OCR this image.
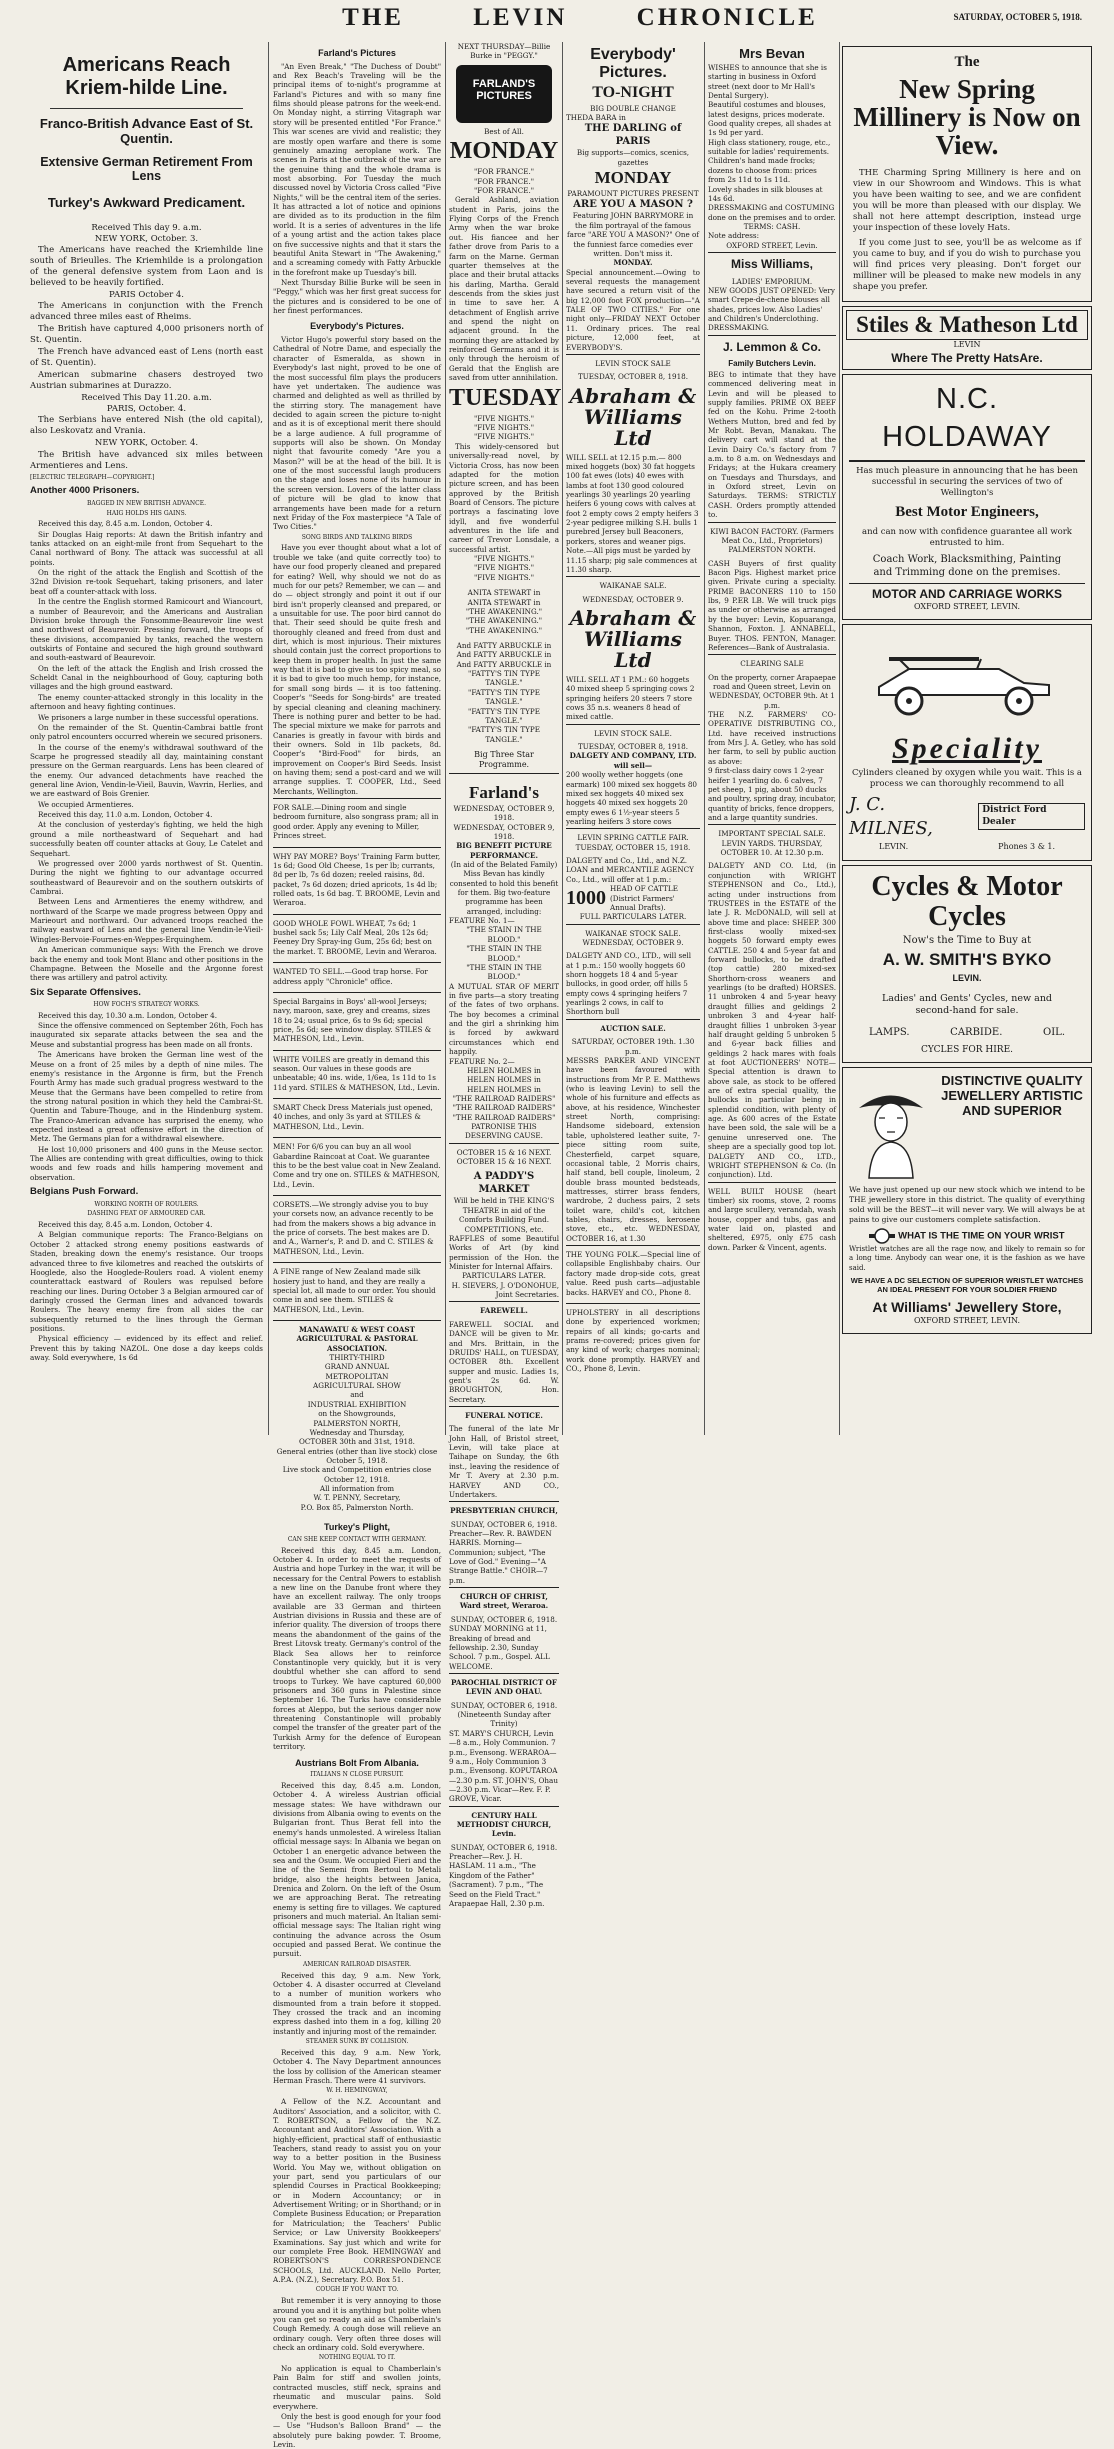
THE LEVIN CHRONICLE	SATURDAY, OCTOBER 5, 1918.
Americans Reach Kriem-hilde Line.
Franco-British Advance East of St. Quentin.
Extensive German Retirement From Lens
Turkey's Awkward Predicament.
Received This day 9. a.m.
NEW YORK, October. 3.

The Americans have reached the Kriemhilde line south of Brieulles. The Kriemhilde is a prolongation of the general defensive system from Laon and is believed to be heavily fortified.

PARIS October 4.

The Americans in conjunction with the French advanced three miles east of Rheims.

The British have captured 4,000 prisoners north of St. Quentin.

The French have advanced east of Lens (north east of St. Quentin).

American submarine chasers destroyed two Austrian submarines at Durazzo.

Received This Day 11.20. a.m.
PARIS, October. 4.

The Serbians have entered Nish (the old capital), also Leskovatz and Vrania.

NEW YORK, October. 4.

The British have advanced six miles between Armentieres and Lens.

[ELECTRIC TELEGRAPH—COPYRIGHT.]
Another 4000 Prisoners.
BAGGED IN NEW BRITISH ADVANCE.
HAIG HOLDS HIS GAINS.

Received this day, 8.45 a.m. London, October 4.

Sir Douglas Haig reports: At dawn the British infantry and tanks attacked on an eight-mile front from Sequehart to the Canal northward of Bony. The attack was successful at all points.

On the right of the attack the English and Scottish of the 32nd Division re-took Sequehart, taking prisoners, and later beat off a counter-attack with loss.

In the centre the English stormed Ramicourt and Wiancourt, a number of Beaurevoir, and the Americans and Australian Division broke through the Fonsomme-Beaurevoir line west and northwest of Beaurevoir. Pressing forward, the troops of these divisions, accompanied by tanks, reached the western outskirts of Fontaine and secured the high ground southward and south-eastward of Beaurevoir.

On the left of the attack the English and Irish crossed the Scheldt Canal in the neighbourhood of Gouy, capturing both villages and the high ground eastward.

The enemy counter-attacked strongly in this locality in the afternoon and heavy fighting continues.

We prisoners a large number in these successful operations.

On the remainder of the St. Quentin-Cambrai battle front only patrol encounters occurred wherein we secured prisoners.

In the course of the enemy's withdrawal southward of the Scarpe he progressed steadily all day, maintaining constant pressure on the German rearguards. Lens has been cleared of the enemy. Our advanced detachments have reached the general line Avion, Vendin-le-Vieil, Bauvin, Wavrin, Herlies, and we are eastward of Bois Grenier.

We occupied Armentieres.

Received this day, 11.0 a.m. London, October 4.

At the conclusion of yesterday's fighting, we held the high ground a mile northeastward of Sequehart and had successfully beaten off counter attacks at Gouy, Le Catelet and Sequehart.

We progressed over 2000 yards northwest of St. Quentin. During the night we fighting to our advantage occurred southeastward of Beaurevoir and on the southern outskirts of Cambrai.

Between Lens and Armentieres the enemy withdrew, and northward of the Scarpe we made progress between Oppy and Marieourt and northward. Our advanced troops reached the railway eastward of Lens and the general line Vendin-le-Vieil-Wingles-Bervoie-Fournes-en-Weppes-Erquinghem.

An American communique says: With the French we drove back the enemy and took Mont Blanc and other positions in the Champagne. Between the Moselle and the Argonne forest there was artillery and patrol activity.

Six Separate Offensives.
HOW FOCH'S STRATEGY WORKS.

Received this day, 10.30 a.m. London, October 4.

Since the offensive commenced on September 26th, Foch has inaugurated six separate attacks between the sea and the Meuse and substantial progress has been made on all fronts.

The Americans have broken the German line west of the Meuse on a front of 25 miles by a depth of nine miles. The enemy's resistance in the Argonne is firm, but the French Fourth Army has made such gradual progress westward to the Meuse that the Germans have been compelled to retire from the strong natural position in which they held the Cambrai-St. Quentin and Tabure-Thouge, and in the Hindenburg system. The Franco-American advance has surprised the enemy, who expected instead a great offensive effort in the direction of Metz. The Germans plan for a withdrawal elsewhere.

He lost 10,000 prisoners and 400 guns in the Meuse sector. The Allies are contending with great difficulties, owing to thick woods and few roads and hills hampering movement and observation.

Belgians Push Forward.
WORKING NORTH OF ROULERS.
DASHING FEAT OF ARMOURED CAR.

Received this day, 8.45 a.m. London, October 4.

A Belgian communique reports: The Franco-Belgians on October 2 attacked strong enemy positions eastwards of Staden, breaking down the enemy's resistance. Our troops advanced three to five kilometres and reached the outskirts of Hooglede, also the Hooglede-Roulers road. A violent enemy counterattack eastward of Roulers was repulsed before reaching our lines. During October 3 a Belgian armoured car of daringly crossed the German lines and advanced towards Roulers. The heavy enemy fire from all sides the car subsequently returned to the lines through the German positions.

Physical efficiency — evidenced by its effect and relief. Prevent this by taking NAZOL. One dose a day keeps colds away. Sold everywhere, 1s 6d

Farland's Pictures

"An Even Break," "The Duchess of Doubt" and Rex Beach's Traveling will be the principal items of to-night's programme at Farland's Pictures and with so many fine films should please patrons for the week-end. On Monday night, a stirring Vitagraph war story will be presented entitled "For France." This war scenes are vivid and realistic; they are mostly open warfare and there is some genuinely amazing aeroplane work. The scenes in Paris at the outbreak of the war are the genuine thing and the whole drama is most absorbing. For Tuesday the much discussed novel by Victoria Cross called "Five Nights," will be the central item of the series. It has attracted a lot of notice and opinions are divided as to its production in the film world. It is a series of adventures in the life of a young artist and the action takes place on five successive nights and that it stars the beautiful Anita Stewart in "The Awakening," and a screaming comedy with Fatty Arbuckle in the forefront make up Tuesday's bill.

Next Thursday Billie Burke will be seen in "Peggy," which was her first great success for the pictures and is considered to be one of her finest performances.

Everybody's Pictures.

Victor Hugo's powerful story based on the Cathedral of Notre Dame, and especially the character of Esmeralda, as shown in Everybody's last night, proved to be one of the most successful film plays the producers have yet undertaken. The audience was charmed and delighted as well as thrilled by the stirring story. The management have decided to again screen the picture to-night and as it is of exceptional merit there should be a large audience. A full programme of supports will also be shown. On Monday night that favourite comedy "Are you a Mason?" will be at the head of the bill. It is one of the most successful laugh producers on the stage and loses none of its humour in the screen version. Lovers of the latter class of picture will be glad to know that arrangements have been made for a return next Friday of the Fox masterpiece "A Tale of Two Cities."

SONG BIRDS AND TALKING BIRDS

Have you ever thought about what a lot of trouble we take (and quite correctly too) to have our food properly cleaned and prepared for eating? Well, why should we not do as much for our pets? Remember, we can — and do — object strongly and point it out if our bird isn't properly cleansed and prepared, or a unsuitable for use. The poor bird cannot do that. Their seed should be quite fresh and thoroughly cleaned and freed from dust and dirt, which is most injurious. Their mixtures should contain just the correct proportions to keep them in proper health. In just the same way that it is bad to give us too spicy meal, so it is bad to give too much hemp, for instance, for small song birds — it is too fattening. Cooper's "Seeds for Song-birds" are treated by special cleaning and cleaning machinery. There is nothing purer and better to be had. The special mixture we make for parrots and Canaries is greatly in favour with birds and their owners. Sold in 1lb packets, 8d. Cooper's "Bird-Food" for birds, an improvement on Cooper's Bird Seeds. Insist on having them; send a post-card and we will arrange supplies. T. COOPER, Ltd., Seed Merchants, Wellington.

FOR SALE.—Dining room and single bedroom furniture, also songrass pram; all in good order. Apply any evening to Miller, Princes street.
WHY PAY MORE? Boys' Training Farm butter, 1s 6d; Good Old Cheese, 1s per lb; currants, 8d per lb, 7s 6d dozen; reeled raisins, 8d. packet, 7s 6d dozen; dried apricots, 1s 4d lb; rolled oats, 1s 6d bag. T. BROOME, Levin and Weraroa.
GOOD WHOLE FOWL WHEAT, 7s 6d; 1 bushel sack 5s; Lily Calf Meal, 20s 12s 6d; Feeney Dry Spray-ing Gum, 25s 6d; best on the market. T. BROOME, Levin and Weraroa.
WANTED TO SELL.—Good trap horse. For address apply "Chronicle" office.
Special Bargains in Boys' all-wool Jerseys; navy, maroon, saxe, grey and creams, sizes 18 to 24; usual price, 6s to 9s 6d; special price, 5s 6d; see window display. STILES & MATHESON, Ltd., Levin.
WHITE VOILES are greatly in demand this season. Our values in these goods are unbeatable; 40 ins. wide, 1/6ea, 1s 11d to 1s 11d yard. STILES & MATHESON, Ltd., Levin.
SMART Check Dress Materials just opened, 40 inches, and only 3s yard at STILES & MATHESON, Ltd., Levin.
MEN! For 6/6 you can buy an all wool Gabardine Raincoat at Coat. We guarantee this to be the best value coat in New Zealand. Come and try one on. STILES & MATHESON, Ltd., Levin.
CORSETS.—We strongly advise you to buy your corsets now, an advance recently to be had from the makers shows a big advance in the price of corsets. The best makes are D. and A., Warner's, P. and D. and C. STILES & MATHESON, Ltd., Levin.
A FINE range of New Zealand made silk hosiery just to hand, and they are really a special lot, all made to our order. You should come in and see them. STILES & MATHESON, Ltd., Levin.
MANAWATU & WEST COAST AGRICULTURAL & PASTORAL ASSOCIATION.
THIRTY-THIRD
GRAND ANNUAL
METROPOLITAN
AGRICULTURAL SHOW
and
INDUSTRIAL EXHIBITION
on the Showgrounds,
PALMERSTON NORTH,
Wednesday and Thursday,
OCTOBER 30th and 31st, 1918.
General entries (other than live stock) close October 5, 1918.
Live stock and Competition entries close October 12, 1918.
All information from
W. T. PENNY, Secretary,
P.O. Box 85, Palmerston North.
Turkey's Plight,
CAN SHE KEEP CONTACT WITH GERMANY.

Received this day, 8.45 a.m. London, October 4. In order to meet the requests of Austria and hope Turkey in the war, it will be necessary for the Central Powers to establish a new line on the Danube front where they have an excellent railway. The only troops available are 33 German and thirteen Austrian divisions in Russia and these are of inferior quality. The diversion of troops there means the abandonment of the gains of the Brest Litovsk treaty. Germany's control of the Black Sea allows her to reinforce Constantinople very quickly, but it is very doubtful whether she can afford to send troops to Turkey. We have captured 60,000 prisoners and 360 guns in Palestine since September 16. The Turks have considerable forces at Aleppo, but the serious danger now threatening Constantinople will probably compel the transfer of the greater part of the Turkish Army for the defence of European territory.

Austrians Bolt From Albania.
ITALIANS N CLOSE PURSUIT.

Received this day, 8.45 a.m. London, October 4. A wireless Austrian official message states: We have withdrawn our divisions from Albania owing to events on the Bulgarian front. Thus Berat fell into the enemy's hands unmolested. A wireless Italian official message says: In Albania we began on October 1 an energetic advance between the sea and the Osum. We occupied Fieri and the line of the Semeni from Bertoul to Metali bridge, also the heights between Janica, Drenica and Zolorn. On the left of the Osum we are approaching Berat. The retreating enemy is setting fire to villages. We captured prisoners and much material. An Italian semi-official message says: The Italian right wing continuing the advance across the Osum occupied and passed Berat. We continue the pursuit.

AMERICAN RAILROAD DISASTER.

Received this day, 9 a.m. New York, October 4. A disaster occurred at Cleveland to a number of munition workers who dismounted from a train before it stopped. They crossed the track and an incoming express dashed into them in a fog, killing 20 instantly and injuring most of the remainder.

STEAMER SUNK BY COLLISION.

Received this day, 9 a.m. New York, October 4. The Navy Department announces the loss by collision of the American steamer Herman Frasch. There were 41 survivors.

W. H. HEMINGWAY,

A Fellow of the N.Z. Accountant and Auditors' Association, and a solicitor, with C. T. ROBERTSON, a Fellow of the N.Z. Accountant and Auditors' Association. With a highly-efficient, practical staff of enthusiastic Teachers, stand ready to assist you on your way to a better position in the Business World. You May we, without obligation on your part, send you particulars of our splendid Courses in Practical Bookkeeping; or in Modern Accountancy; or in Advertisement Writing; or in Shorthand; or in Complete Business Education; or Preparation for Matriculation; the Teachers' Public Service; or Law University Bookkeepers' Examinations. Say just which and write for our complete Free Book. HEMINGWAY and ROBERTSON'S CORRESPONDENCE SCHOOLS, Ltd. AUCKLAND. Nello Porter, A.P.A. (N.Z.), Secretary. P.O. Box 51.

COUGH IF YOU WANT TO.

But remember it is very annoying to those around you and it is anything but polite when you can get so ready an aid as Chamberlain's Cough Remedy. A cough dose will relieve an ordinary cough. Very often three doses will check an ordinary cold. Sold everywhere.

NOTHING EQUAL TO IT.

No application is equal to Chamberlain's Pain Balm for stiff and swollen joints, contracted muscles, stiff neck, sprains and rheumatic and muscular pains. Sold everywhere.

Only the best is good enough for your food — Use "Hudson's Balloon Brand" — the absolutely pure baking powder. T. Broome, Levin.

NEXT THURSDAY—Billie Burke in "PEGGY."
FARLAND'S PICTURES
Best of All.
MONDAY
"FOR FRANCE."
"FOR FRANCE."
"FOR FRANCE."

Gerald Ashland, aviation student in Paris, joins the Flying Corps of the French Army when the war broke out. His fiancee and her father drove from Paris to a farm on the Marne. German quarter themselves at the place and their brutal attacks his darling, Martha. Gerald descends from the skies just in time to save her. A detachment of English arrive and spend the night on adjacent ground. In the morning they are attacked by reinforced Germans and it is only through the heroism of Gerald that the English are saved from utter annihilation.

TUESDAY
"FIVE NIGHTS."
"FIVE NIGHTS."
"FIVE NIGHTS."

This widely-censored but universally-read novel, by Victoria Cross, has now been adapted for the motion picture screen, and has been approved by the British Board of Censors. The picture portrays a fascinating love idyll, and five wonderful adventures in the life and career of Trevor Lonsdale, a successful artist.

"FIVE NIGHTS."
"FIVE NIGHTS."
"FIVE NIGHTS."
ANITA STEWART in
ANITA STEWART in
"THE AWAKENING."
"THE AWAKENING."
"THE AWAKENING."
And FATTY ARBUCKLE in
And FATTY ARBUCKLE in
And FATTY ARBUCKLE in
"FATTY'S TIN TYPE TANGLE."
"FATTY'S TIN TYPE TANGLE."
"FATTY'S TIN TYPE TANGLE."
"FATTY'S TIN TYPE TANGLE."
Big Three Star Programme.
Farland's
WEDNESDAY, OCTOBER 9, 1918.
WEDNESDAY, OCTOBER 9, 1918.
BIG BENEFIT PICTURE PERFORMANCE.

(In aid of the Belated Family) Miss Bevan has kindly consented to hold this benefit for them. Big two-feature programme has been arranged, including:

FEATURE No. 1—
"THE STAIN IN THE BLOOD."
"THE STAIN IN THE BLOOD."
"THE STAIN IN THE BLOOD."

A MUTUAL STAR OF MERIT in five parts—a story treating of the fates of two orphans. The boy becomes a criminal and the girl a shrinking him is forced by awkward circumstances which end happily.

FEATURE No. 2—
HELEN HOLMES in
HELEN HOLMES in
HELEN HOLMES in
"THE RAILROAD RAIDERS"
"THE RAILROAD RAIDERS"
"THE RAILROAD RAIDERS"
PATRONISE THIS DESERVING CAUSE.
OCTOBER 15 & 16 NEXT. OCTOBER 15 & 16 NEXT.
A PADDY'S MARKET
Will be held in THE KING'S THEATRE in aid of the Comforts Building Fund.
COMPETITIONS, etc.

RAFFLES of some Beautiful Works of Art (by kind permission of the Hon. the Minister for Internal Affairs.

PARTICULARS LATER.
H. SIEVERS, J. O'DONOHUE, Joint Secretaries.
FAREWELL.

FAREWELL SOCIAL and DANCE will be given to Mr. and Mrs. Brittain, in the DRUIDS' HALL, on TUESDAY, OCTOBER 8th. Excellent supper and music. Ladies 1s, gent's 2s 6d. W. BROUGHTON, Hon. Secretary.

FUNERAL NOTICE.

The funeral of the late Mr John Hall, of Bristol street, Levin, will take place at Taihape on Sunday, the 6th inst., leaving the residence of Mr T. Avery at 2.30 p.m. HARVEY AND CO., Undertakers.

PRESBYTERIAN CHURCH,
SUNDAY, OCTOBER 6, 1918.

Preacher—Rev. R. BAWDEN HARRIS. Morning—Communion; subject, "The Love of God." Evening—"A Strange Battle." CHOIR—7 p.m.

CHURCH OF CHRIST, Ward street, Weraroa.
SUNDAY, OCTOBER 6, 1918.

SUNDAY MORNING at 11, Breaking of bread and fellowship. 2.30, Sunday School. 7 p.m., Gospel. ALL WELCOME.

PAROCHIAL DISTRICT OF LEVIN AND OHAU.
SUNDAY, OCTOBER 6, 1918. (Nineteenth Sunday after Trinity)

ST. MARY'S CHURCH, Levin—8 a.m., Holy Communion. 7 p.m., Evensong. WERAROA—9 a.m., Holy Communion 3 p.m., Evensong. KOPUTAROA—2.30 p.m. ST. JOHN'S, Ohau—2.30 p.m. Vicar—Rev. F. P. GROVE, Vicar.

CENTURY HALL METHODIST CHURCH, Levin.
SUNDAY, OCTOBER 6, 1918.

Preacher—Rev. J. H. HASLAM. 11 a.m., "The Kingdom of the Father" (Sacrament). 7 p.m., "The Seed on the Field Tract." Arapaepae Hall, 2.30 p.m.

Everybody' Pictures.
TO-NIGHT
BIG DOUBLE CHANGE
THEDA BARA in
THE DARLING of PARIS
Big supports—comics, scenics, gazettes
MONDAY
PARAMOUNT PICTURES PRESENT
ARE YOU A MASON ?

Featuring JOHN BARRYMORE in the film portrayal of the famous farce "ARE YOU A MASON?" One of the funniest farce comedies ever written. Don't miss it.

MONDAY.

Special announcement.—Owing to several requests the management have secured a return visit of the big 12,000 foot FOX production—"A TALE OF TWO CITIES." For one night only—FRIDAY NEXT October 11. Ordinary prices. The real picture, 12,000 feet, at EVERYBODY'S.

LEVIN STOCK SALE
TUESDAY, OCTOBER 8, 1918.
Abraham & Williams Ltd

WILL SELL at 12.15 p.m.— 800 mixed hoggets (box) 30 fat hoggets 100 fat ewes (lots) 40 ewes with lambs at foot 130 good coloured yearlings 30 yearlings 20 yearling heifers 6 young cows with calves at foot 2 empty cows 2 empty heifers 3 2-year pedigree milking S.H. bulls 1 purebred Jersey bull Beaconers, porkers, stores and weaner pigs. Note.—All pigs must be yarded by 11.15 sharp; pig sale commences at 11.30 sharp.

WAIKANAE SALE.
WEDNESDAY, OCTOBER 9.
Abraham & Williams Ltd

WILL SELL AT 1 P.M.: 60 hoggets 40 mixed sheep 5 springing cows 2 springing heifers 20 steers 7 store cows 35 n.s. weaners 8 head of mixed cattle.

LEVIN STOCK SALE.
TUESDAY, OCTOBER 8, 1918.
DALGETY AND COMPANY, LTD. will sell—

200 woolly wether hoggets (one earmark) 100 mixed sex hoggets 80 mixed sex hoggets 40 mixed sex hoggets 40 mixed sex hoggets 20 empty ewes 6 1½-year steers 5 yearling heifers 3 store cows

LEVIN SPRING CATTLE FAIR. TUESDAY, OCTOBER 15, 1918.

DALGETY and Co., Ltd., and N.Z. LOAN and MERCANTILE AGENCY Co., Ltd., will offer at 1 p.m.:

1000 HEAD OF CATTLE (District Farmers' Annual Drafts).
FULL PARTICULARS LATER.
WAIKANAE STOCK SALE. WEDNESDAY, OCTOBER 9.

DALGETY AND CO., LTD., will sell at 1 p.m.: 150 woolly hoggets 60 shorn hoggets 18 4 and 5-year bullocks, in good order, off hills 5 empty cows 4 springing heifers 7 yearlings 2 cows, in calf to Shorthorn bull

AUCTION SALE.
SATURDAY, OCTOBER 19th. 1.30 p.m.

MESSRS PARKER AND VINCENT have been favoured with instructions from Mr P. E. Matthews (who is leaving Levin) to sell the whole of his furniture and effects as above, at his residence, Winchester street North, comprising: Handsome sideboard, extension table, upholstered leather suite, 7-piece sitting room suite, Chesterfield, carpet square, occasional table, 2 Morris chairs, half stand, bell couple, linoleum, 2 double brass mounted bedsteads, mattresses, stirrer brass fenders, wardrobe, 2 duchess pairs, 2 sets toilet ware, child's cot, kitchen tables, chairs, dresses, kerosene stove, etc., etc. WEDNESDAY, OCTOBER 16, at 1.30

THE YOUNG FOLK.—Special line of collapsible Englishbaby chairs. Our factory made drop-side cots, great value. Reed push carts—adjustable backs. HARVEY and CO., Phone 8.

UPHOLSTERY in all descriptions done by experienced workmen; repairs of all kinds; go-carts and prams re-covered; prices given for any kind of work; charges nominal; work done promptly. HARVEY and CO., Phone 8, Levin.

Mrs Bevan

WISHES to announce that she is starting in business in Oxford street (next door to Mr Hall's Dental Surgery).

Beautiful costumes and blouses, latest designs, prices moderate.

Good quality crepes, all shades at 1s 9d per yard.

High class stationery, rouge, etc., suitable for ladies' requirements.

Children's hand made frocks; dozens to choose from: prices from 2s 11d to 1s 11d.

Lovely shades in silk blouses at 14s 6d.

DRESSMAKING and COSTUMING done on the premises and to order.

TERMS: CASH.
Note address:
OXFORD STREET, Levin.
Miss Williams,
LADIES' EMPORIUM.

NEW GOODS JUST OPENED: Very smart Crepe-de-chene blouses all shades, prices low. Also Ladies' and Children's Underclothing. DRESSMAKING.

J. Lemmon & Co.
Family Butchers Levin.

BEG to intimate that they have commenced delivering meat in Levin and will be pleased to supply families. PRIME OX BEEF fed on the Kohu. Prime 2-tooth Wethers Mutton, bred and fed by Mr Robt. Bevan, Manakau. The delivery cart will stand at the Levin Dairy Co.'s factory from 7 a.m. to 8 a.m. on Wednesdays and Fridays; at the Hukara creamery on Tuesdays and Thursdays, and in Oxford street, Levin on Saturdays. TERMS: STRICTLY CASH. Orders promptly attended to.

KIWI BACON FACTORY. (Farmers Meat Co., Ltd., Proprietors) PALMERSTON NORTH.

CASH Buyers of first quality Bacon Pigs. Highest market price given. Private curing a specialty. PRIME BACONERS 110 to 150 lbs, 9 P.ER LB. We will truck pigs as under or otherwise as arranged by the buyer: Levin, Kopuaranga, Shannon, Foxton. J. ANNABELL, Buyer. THOS. FENTON, Manager. References—Bank of Australasia.

CLEARING SALE

On the property, corner Arapaepae road and Queen street, Levin on WEDNESDAY, OCTOBER 9th. At 1 p.m.

THE N.Z. FARMERS' CO-OPERATIVE DISTRIBUTING CO., Ltd. have received instructions from Mrs J. A. Getley, who has sold her farm, to sell by public auction as above:

9 first-class dairy cows 1 2-year heifer 1 yearling do. 6 calves, 7 pet sheep, 1 pig, about 50 ducks and poultry, spring dray, incubator, quantity of bricks, fence droppers, and a large quantity sundries.

IMPORTANT SPECIAL SALE. LEVIN YARDS. THURSDAY, OCTOBER 10. At 12.30 p.m.

DALGETY AND CO. Ltd, (in conjunction with WRIGHT STEPHENSON and Co., Ltd.), acting under instructions from TRUSTEES in the ESTATE of the late J. R. McDONALD, will sell at above time and place: SHEEP. 300 first-class woolly mixed-sex hoggets 50 forward empty ewes CATTLE. 250 4 and 5-year fat and forward bullocks, to be drafted (top cattle) 280 mixed-sex Shorthorn-cross weaners and yearlings (to be drafted) HORSES. 11 unbroken 4 and 5-year heavy draught fillies and geldings 2 unbroken 3 and 4-year half-draught fillies 1 unbroken 3-year half draught gelding 5 unbroken 5 and 6-year back fillies and geldings 2 hack mares with foals at foot AUCTIONEERS' NOTE—Special attention is drawn to above sale, as stock to be offered are of extra special quality, the bullocks in particular being in splendid condition, with plenty of age. As 600 acres of the Estate have been sold, the sale will be a genuine unreserved one. The sheep are a specially good top lot. DALGETY AND CO., LTD., WRIGHT STEPHENSON & Co. (In conjunction). Ltd.

WELL BUILT HOUSE (heart timber) six rooms, stove, 2 rooms and large scullery, verandah, wash house, copper and tubs, gas and water laid on, plasted and sheltered, £975, only £75 cash down. Parker & Vincent, agents.

The
New Spring Millinery is Now on View.

THE Charming Spring Millinery is here and on view in our Showroom and Windows. This is what you have been waiting to see, and we are confident you will be more than pleased with our display. We shall not here attempt description, instead urge your inspection of these lovely Hats.

If you come just to see, you'll be as welcome as if you came to buy, and if you do wish to purchase you will find prices very pleasing. Don't forget our milliner will be pleased to make new models in any shape you prefer.

Stiles & Matheson Ltd
LEVIN
Where The Pretty HatsAre.
N.C. HOLDAWAY

Has much pleasure in announcing that he has been successful in securing the services of two of Wellington's

Best Motor Engineers,

and can now with confidence guarantee all work entrusted to him.

Coach Work, Blacksmithing, Painting and Trimming done on the premises.
MOTOR AND CARRIAGE WORKS
OXFORD STREET, LEVIN.
Speciality

Cylinders cleaned by oxygen while you wait. This is a process we can thoroughly recommend to all

J. C. MILNES,
District Ford Dealer
LEVIN.	Phones 3 & 1.
Cycles & Motor Cycles
Now's the Time to Buy at
A. W. SMITH'S BYKO
LEVIN.
Ladies' and Gents' Cycles, new and second-hand for sale.
LAMPS.	CARBIDE.	OIL.
CYCLES FOR HIRE.
DISTINCTIVE QUALITY JEWELLERY ARTISTIC AND SUPERIOR

We have just opened up our new stock which we intend to be THE jewellery store in this district. The quality of everything sold will be the BEST—it will never vary. We will always be at pains to give our customers complete satisfaction.

WHAT IS THE TIME ON YOUR WRIST

Wristlet watches are all the rage now, and likely to remain so for a long time. Anybody can wear one, it is the fashion as we have said.

WE HAVE A DC SELECTION OF SUPERIOR WRISTLET WATCHES AN IDEAL PRESENT FOR YOUR SOLDIER FRIEND
At Williams' Jewellery Store,
OXFORD STREET, LEVIN.
